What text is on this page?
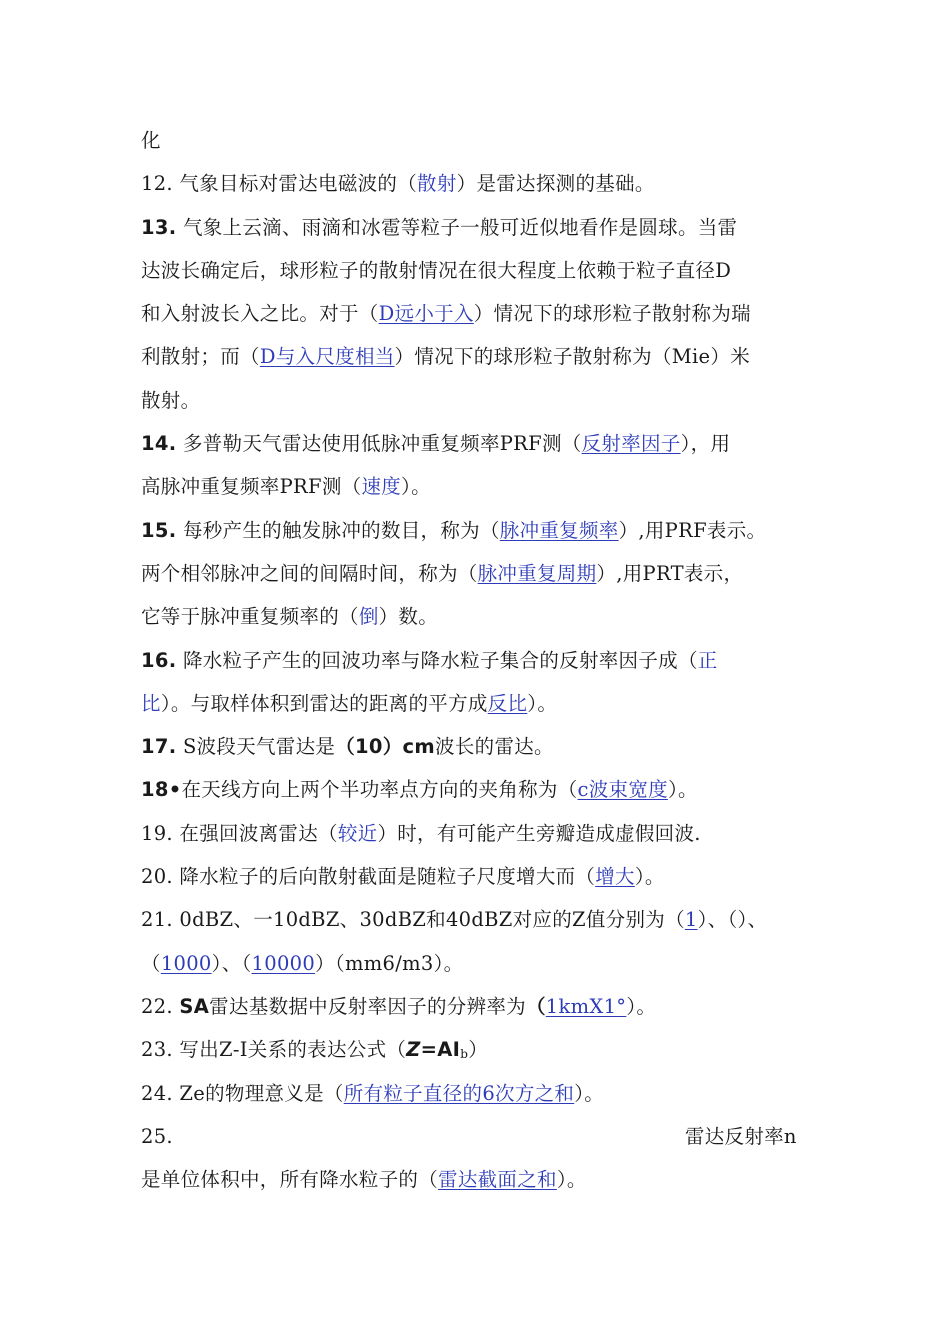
化
12. 气象目标对雷达电磁波的（散射）是雷达探测的基础。
13. 气象上云滴、雨滴和冰雹等粒子一般可近似地看作是圆球。当雷
达波长确定后，球形粒子的散射情况在很大程度上依赖于粒子直径D
和入射波长入之比。对于（D远小于入）情况下的球形粒子散射称为瑞
利散射；而（D与入尺度相当）情况下的球形粒子散射称为（Mie）米
散射。
14. 多普勒天气雷达使用低脉冲重复频率PRF测（反射率因子），用
高脉冲重复频率PRF测（速度）。
15. 每秒产生的触发脉冲的数目，称为（脉冲重复频率）,用PRF表示。
两个相邻脉冲之间的间隔时间，称为（脉冲重复周期）,用PRT表示，
它等于脉冲重复频率的（倒）数。
16. 降水粒子产生的回波功率与降水粒子集合的反射率因子成（正
比）。与取样体积到雷达的距离的平方成反比）。
17. S波段天气雷达是（10）cm波长的雷达。
18•在天线方向上两个半功率点方向的夹角称为（c波束宽度）。
19. 在强回波离雷达（较近）时，有可能产生旁瓣造成虚假回波.
20. 降水粒子的后向散射截面是随粒子尺度增大而（增大）。
21. 0dBZ、一10dBZ、30dBZ和40dBZ对应的Z值分别为（1）、（）、
（1000）、（10000）（mm6/m3）。
22. SA雷达基数据中反射率因子的分辨率为（1kmX1°）。
23. 写出Z-I关系的表达公式（Z=AIb）
24. Ze的物理意义是（所有粒子直径的6次方之和）。
25.	雷达反射率n
是单位体积中，所有降水粒子的（雷达截面之和）。
